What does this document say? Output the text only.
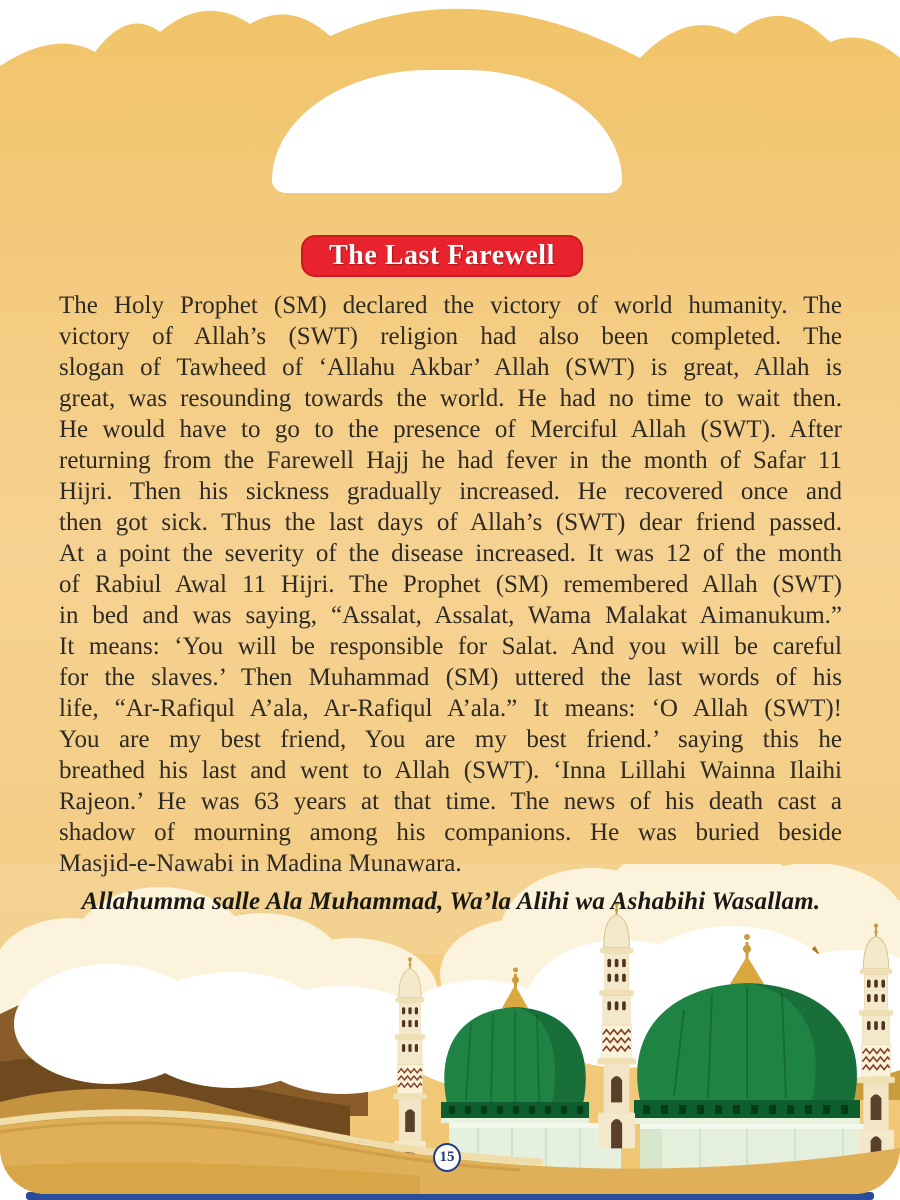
The Last Farewell
The Holy Prophet (SM) declared the victory of world humanity. The
victory of Allah’s (SWT) religion had also been completed. The
slogan of Tawheed of ‘Allahu Akbar’ Allah (SWT) is great, Allah is
great, was resounding towards the world. He had no time to wait then.
He would have to go to the presence of Merciful Allah (SWT). After
returning from the Farewell Hajj he had fever in the month of Safar 11
Hijri. Then his sickness gradually increased. He recovered once and
then got sick. Thus the last days of Allah’s (SWT) dear friend passed.
At a point the severity of the disease increased. It was 12 of the month
of Rabiul Awal 11 Hijri. The Prophet (SM) remembered Allah (SWT)
in bed and was saying, “Assalat, Assalat, Wama Malakat Aimanukum.”
It means: ‘You will be responsible for Salat. And you will be careful
for the slaves.’ Then Muhammad (SM) uttered the last words of his
life, “Ar-Rafiqul A’ala, Ar-Rafiqul A’ala.” It means: ‘O Allah (SWT)!
You are my best friend, You are my best friend.’ saying this he
breathed his last and went to Allah (SWT). ‘Inna Lillahi Wainna Ilaihi
Rajeon.’ He was 63 years at that time. The news of his death cast a
shadow of mourning among his companions. He was buried beside
Masjid-e-Nawabi in Madina Munawara.
Allahumma salle Ala Muhammad, Wa’la Alihi wa Ashabihi Wasallam.
15
